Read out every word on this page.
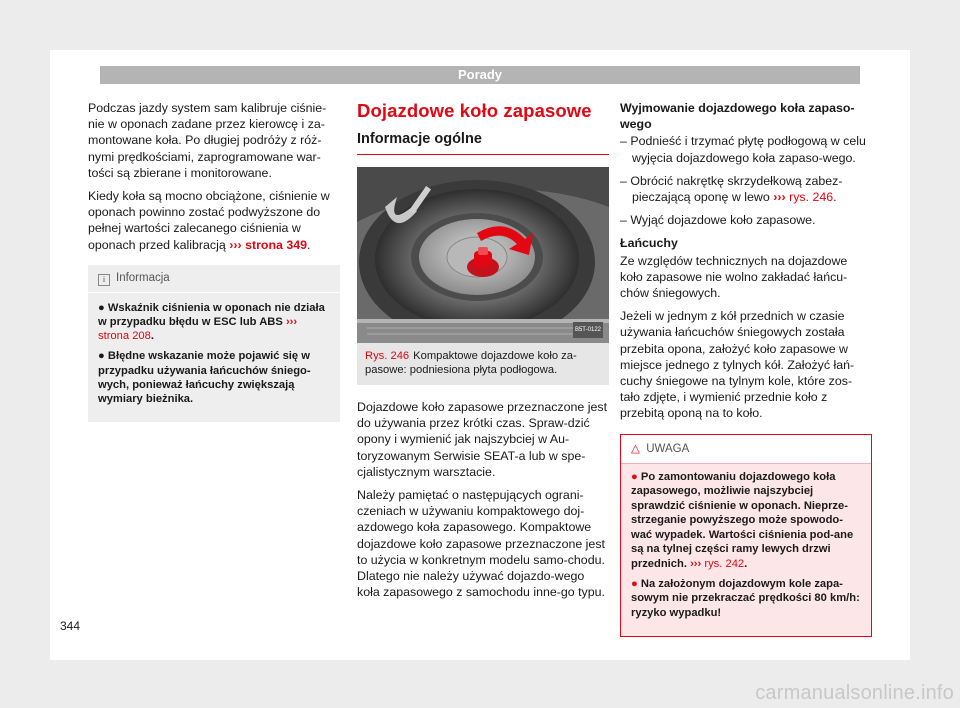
Porady

Podczas jazdy system sam kalibruje ciśnie-nie w oponach zadane przez kierowcę i za-montowane koła. Po długiej podróży z róż-nymi prędkościami, zaprogramowane war-tości są zbierane i monitorowane.

Kiedy koła są mocno obciążone, ciśnienie w oponach powinno zostać podwyższone do pełnej wartości zalecanego ciśnienia w oponach przed kalibracją ››› strona 349.

i Informacja
● Wskaźnik ciśnienia w oponach nie działa w przypadku błędu w ESC lub ABS ››› strona 208.
● Błędne wskazanie może pojawić się w przypadku używania łańcuchów śniego-wych, ponieważ łańcuchy zwiększają wymiary bieżnika.
Dojazdowe koło zapasowe
Informacje ogólne
B5T-0122
Rys. 246 Kompaktowe dojazdowe koło za-pasowe: podniesiona płyta podłogowa.

Dojazdowe koło zapasowe przeznaczone jest do używania przez krótki czas. Spraw-dzić opony i wymienić jak najszybciej w Au-toryzowanym Serwisie SEAT-a lub w spe-cjalistycznym warsztacie.

Należy pamiętać o następujących ograni-czeniach w używaniu kompaktowego doj-azdowego koła zapasowego. Kompaktowe dojazdowe koło zapasowe przeznaczone jest to użycia w konkretnym modelu samo-chodu. Dlatego nie należy używać dojazdo-wego koła zapasowego z samochodu inne-go typu.

Wyjmowanie dojazdowego koła zapaso-wego
– Podnieść i trzymać płytę podłogową w celu wyjęcia dojazdowego koła zapaso-wego.
– Obrócić nakrętkę skrzydełkową zabez-pieczającą oponę w lewo ››› rys. 246.
– Wyjąć dojazdowe koło zapasowe.
Łańcuchy

Ze względów technicznych na dojazdowe koło zapasowe nie wolno zakładać łańcu-chów śniegowych.

Jeżeli w jednym z kół przednich w czasie używania łańcuchów śniegowych została przebita opona, założyć koło zapasowe w miejsce jednego z tylnych kół. Założyć łań-cuchy śniegowe na tylnym kole, które zos-tało zdjęte, i wymienić przednie koło z przebitą oponą na to koło.

△ UWAGA
● Po zamontowaniu dojazdowego koła zapasowego, możliwie najszybciej sprawdzić ciśnienie w oponach. Nieprze-strzeganie powyższego może spowodo-wać wypadek. Wartości ciśnienia pod-ane są na tylnej części ramy lewych drzwi przednich. ››› rys. 242.
● Na założonym dojazdowym kole zapa-sowym nie przekraczać prędkości 80 km/h: ryzyko wypadku!
344
carmanualsonline.info
